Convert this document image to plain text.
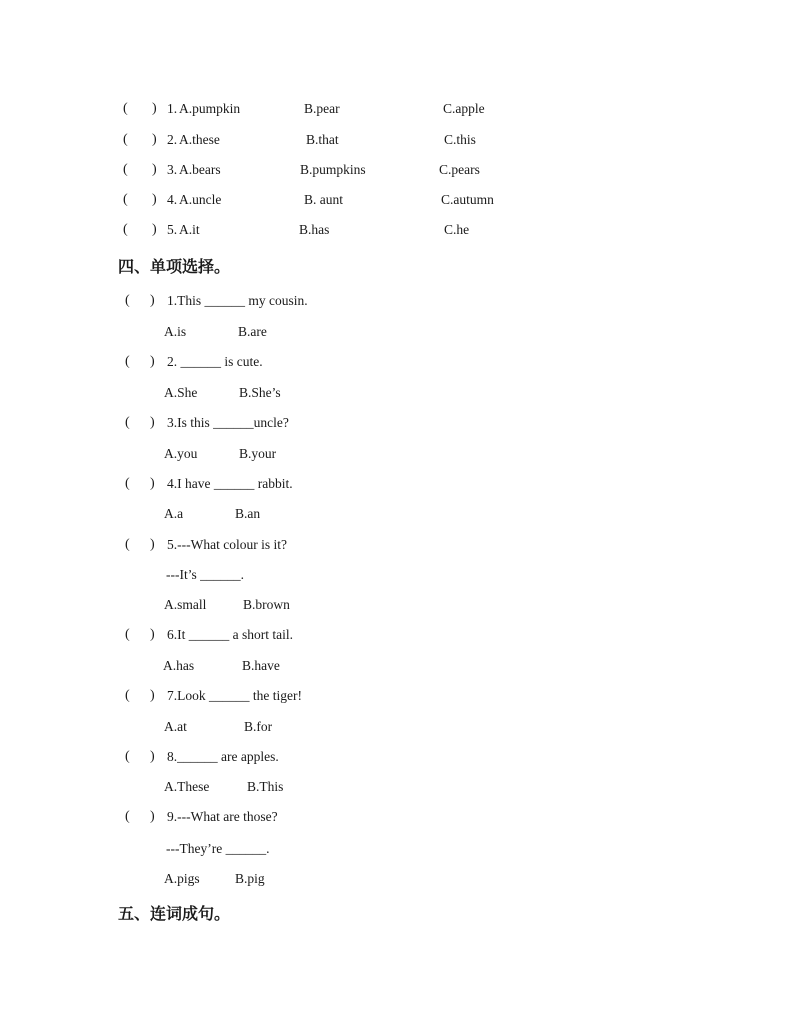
( ) 1. A.pumpkin	B.pear	C.apple
( ) 2. A.these	B.that	C.this
( ) 3. A.bears	B.pumpkins	C.pears
( ) 4. A.uncle	B. aunt	C.autumn
( ) 5. A.it	B.has	C.he
四、单项选择。
( ) 1.This ______ my cousin.
A.is	B.are
( ) 2. ______ is cute.
A.She	B.She’s
( ) 3.Is this ______uncle?
A.you	B.your
( ) 4.I have ______ rabbit.
A.a	B.an
( ) 5.---What colour is it?
---It’s ______.
A.small	B.brown
( ) 6.It ______ a short tail.
A.has	B.have
( ) 7.Look ______ the tiger!
A.at	B.for
( ) 8.______ are apples.
A.These	B.This
( ) 9.---What are those?
---They’re ______.
A.pigs	B.pig
五、连词成句。
